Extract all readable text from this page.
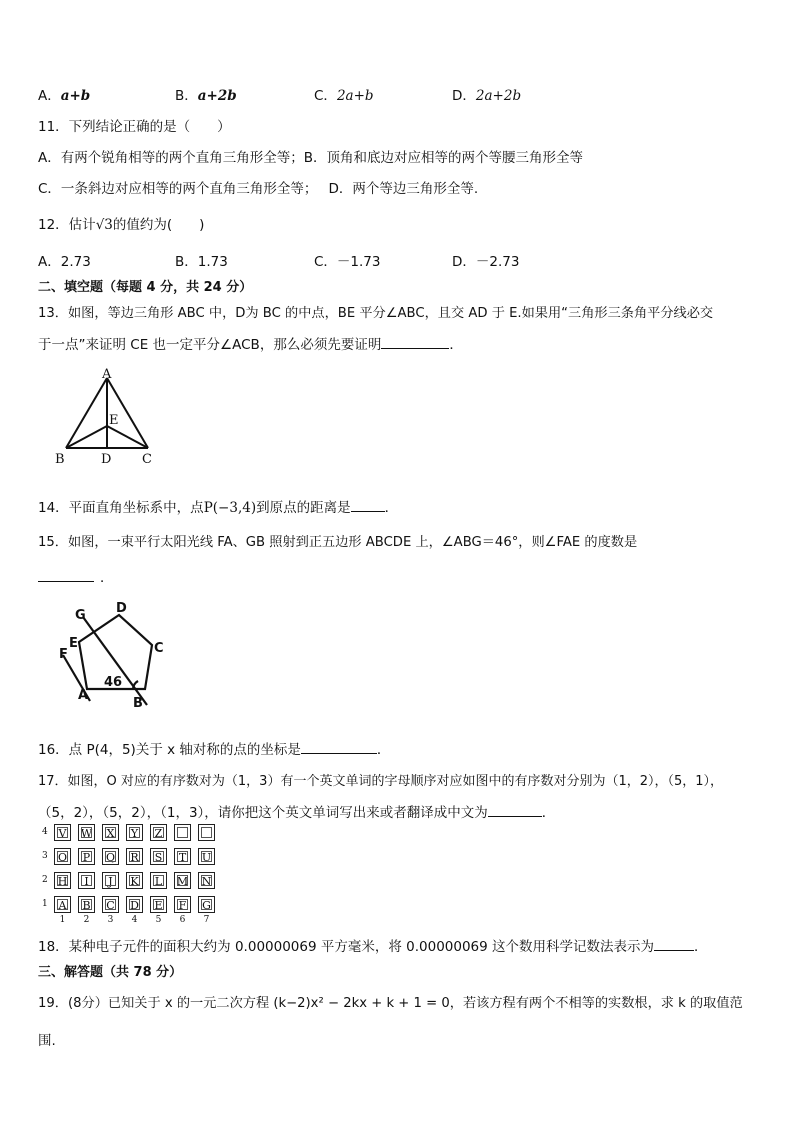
A．a+b	B．a+2b	C．2a+b	D．2a+2b
11．下列结论正确的是（　　）
A．有两个锐角相等的两个直角三角形全等；B．顶角和底边对应相等的两个等腰三角形全等
C．一条斜边对应相等的两个直角三角形全等；　 D．两个等边三角形全等.
12．估计√3的值约为(　　)
A．2.73	B．1.73	C．－1.73	D．－2.73
二、填空题（每题 4 分，共 24 分）
13．如图，等边三角形 ABC 中，D为 BC 的中点，BE 平分∠ABC，且交 AD 于 E.如果用“三角形三条角平分线必交
于一点”来证明 CE 也一定平分∠ACB，那么必须先要证明	．
A
B	D C
E
14．平面直角坐标系中，点P(−3,4)到原点的距离是	．
15．如图，一束平行太阳光线 FA、GB 照射到正五边形 ABCDE 上，∠ABG＝46°，则∠FAE 的度数是
．
G D
E	C
F
A
B
46
16．点 P(4，5)关于 x 轴对称的点的坐标是	．
17．如图，O 对应的有序数对为（1，3）有一个英文单词的字母顺序对应如图中的有序数对分别为（1，2），（5，1），
（5，2），（5，2），（1，3），请你把这个英文单词写出来或者翻译成中文为	．
4 V	W	X	Y	Z
3 O	P	Q	R	S	T	U
2 H	I	J	K	L	M	N
1 A	B	C	D	E	F	G
1	2	3	4	5	6	7
18．某种电子元件的面积大约为 0.00000069 平方毫米，将 0.00000069 这个数用科学记数法表示为	．
三、解答题（共 78 分）
19．(8分）已知关于 x 的一元二次方程 (k−2)x² − 2kx + k + 1 = 0，若该方程有两个不相等的实数根，求 k 的取值范
围.
